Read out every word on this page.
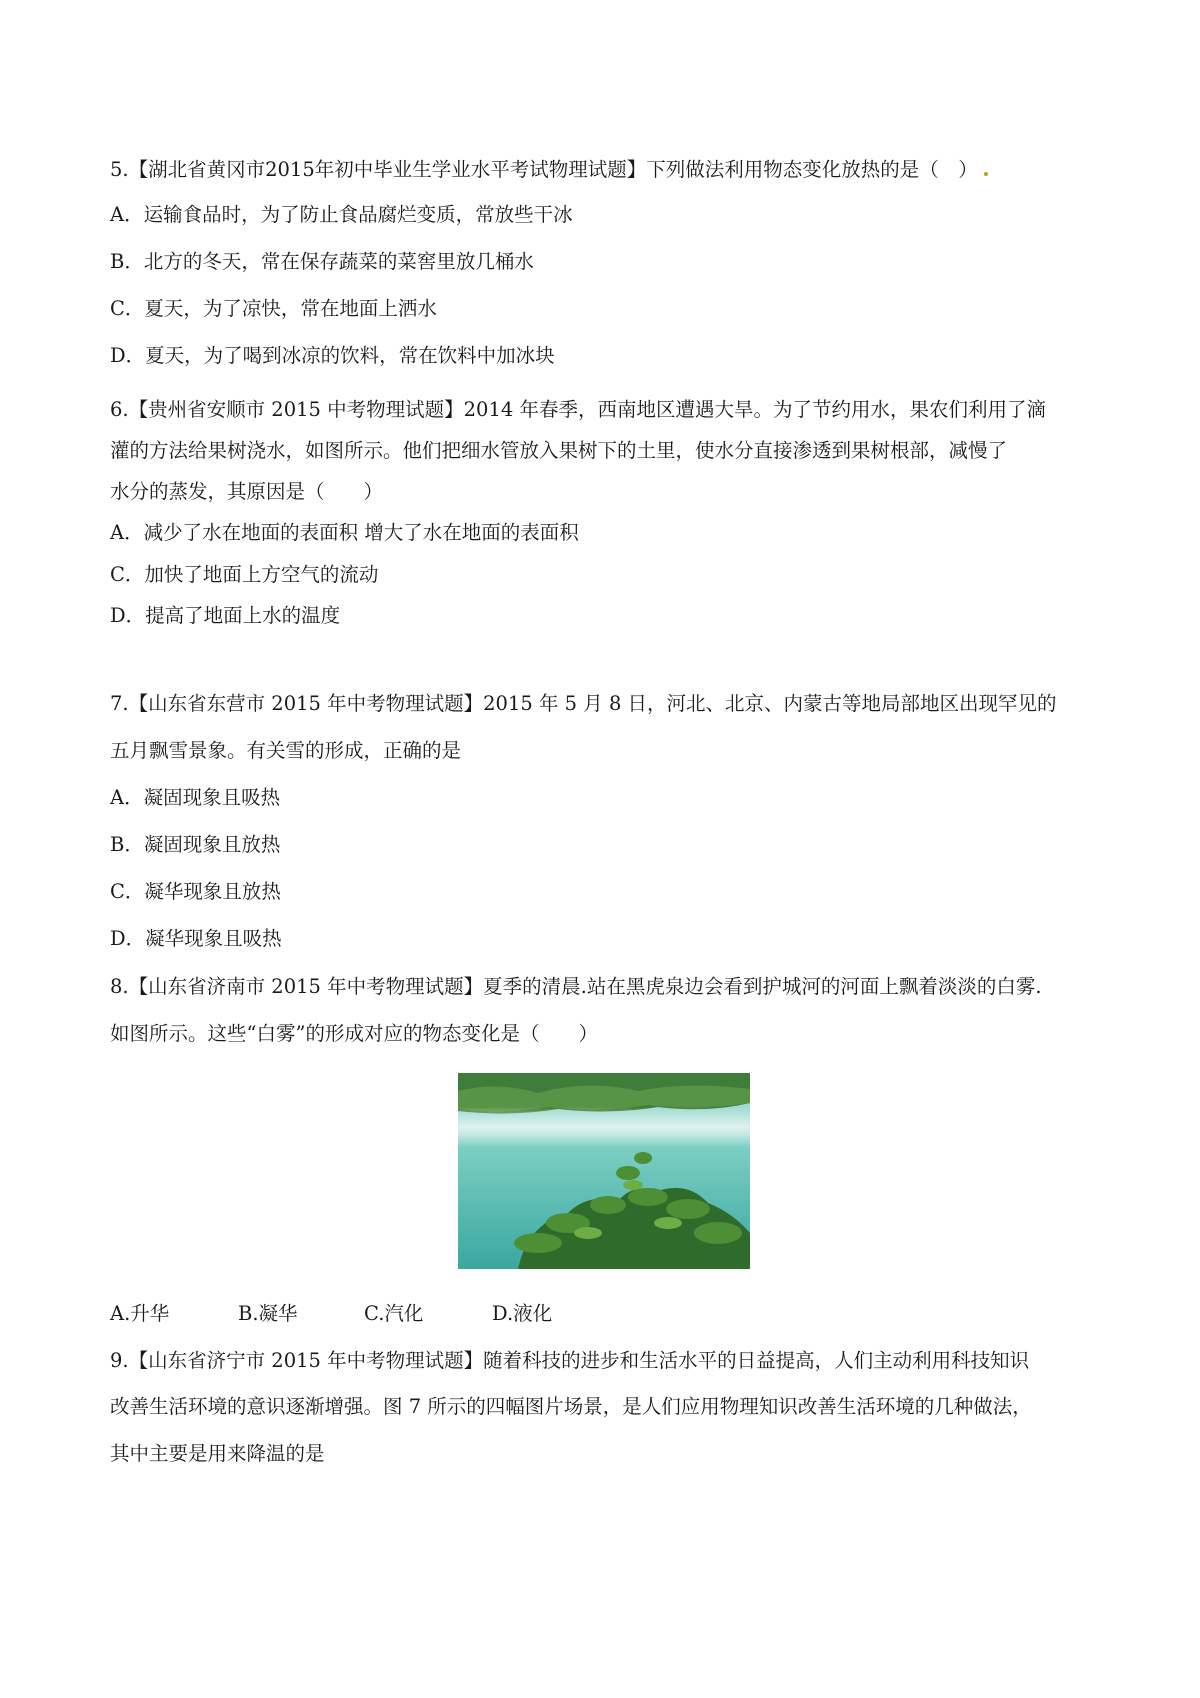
5.【湖北省黄冈市2015年初中毕业生学业水平考试物理试题】下列做法利用物态变化放热的是（　）
A．运输食品时，为了防止食品腐烂变质，常放些干冰
B．北方的冬天，常在保存蔬菜的菜窖里放几桶水
C．夏天，为了凉快，常在地面上洒水
D．夏天，为了喝到冰凉的饮料，常在饮料中加冰块
6.【贵州省安顺市 2015 中考物理试题】2014 年春季，西南地区遭遇大旱。为了节约用水，果农们利用了滴
灌的方法给果树浇水，如图所示。他们把细水管放入果树下的土里，使水分直接渗透到果树根部，减慢了
水分的蒸发，其原因是（　　）
A．减少了水在地面的表面积 增大了水在地面的表面积
C．加快了地面上方空气的流动
D．提高了地面上水的温度
7.【山东省东营市 2015 年中考物理试题】2015 年 5 月 8 日，河北、北京、内蒙古等地局部地区出现罕见的
五月飘雪景象。有关雪的形成，正确的是
A．凝固现象且吸热
B．凝固现象且放热
C．凝华现象且放热
D．凝华现象且吸热
8.【山东省济南市 2015 年中考物理试题】夏季的清晨.站在黑虎泉边会看到护城河的河面上飘着淡淡的白雾.
如图所示。这些“白雾”的形成对应的物态变化是（　　）
A.升华	B.凝华	C.汽化	D.液化
9.【山东省济宁市 2015 年中考物理试题】随着科技的进步和生活水平的日益提高，人们主动利用科技知识
改善生活环境的意识逐渐增强。图 7 所示的四幅图片场景，是人们应用物理知识改善生活环境的几种做法，
其中主要是用来降温的是
